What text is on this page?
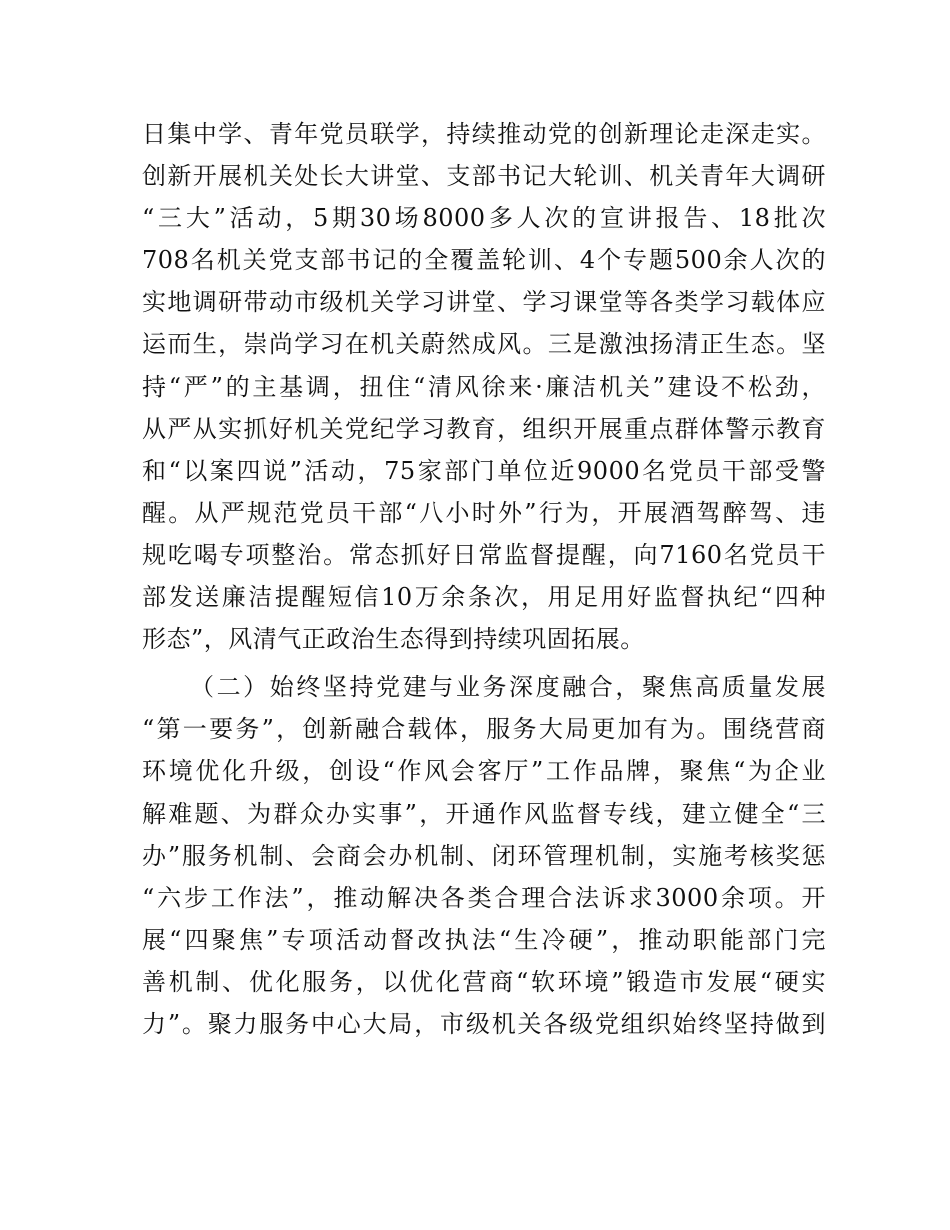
日集中学、青年党员联学，持续推动党的创新理论走深走实。
创新开展机关处长大讲堂、支部书记大轮训、机关青年大调研
“三大”活动，5期30场8000多人次的宣讲报告、18批次
708名机关党支部书记的全覆盖轮训、4个专题500余人次的
实地调研带动市级机关学习讲堂、学习课堂等各类学习载体应
运而生，崇尚学习在机关蔚然成风。三是激浊扬清正生态。坚
持“严”的主基调，扭住“清风徐来·廉洁机关”建设不松劲，
从严从实抓好机关党纪学习教育，组织开展重点群体警示教育
和“以案四说”活动，75家部门单位近9000名党员干部受警
醒。从严规范党员干部“八小时外”行为，开展酒驾醉驾、违
规吃喝专项整治。常态抓好日常监督提醒，向7160名党员干
部发送廉洁提醒短信10万余条次，用足用好监督执纪“四种
形态”，风清气正政治生态得到持续巩固拓展。
（二）始终坚持党建与业务深度融合，聚焦高质量发展
“第一要务”，创新融合载体，服务大局更加有为。围绕营商
环境优化升级，创设“作风会客厅”工作品牌，聚焦“为企业
解难题、为群众办实事”，开通作风监督专线，建立健全“三
办”服务机制、会商会办机制、闭环管理机制，实施考核奖惩
“六步工作法”，推动解决各类合理合法诉求3000余项。开
展“四聚焦”专项活动督改执法“生冷硬”，推动职能部门完
善机制、优化服务，以优化营商“软环境”锻造市发展“硬实
力”。聚力服务中心大局，市级机关各级党组织始终坚持做到
